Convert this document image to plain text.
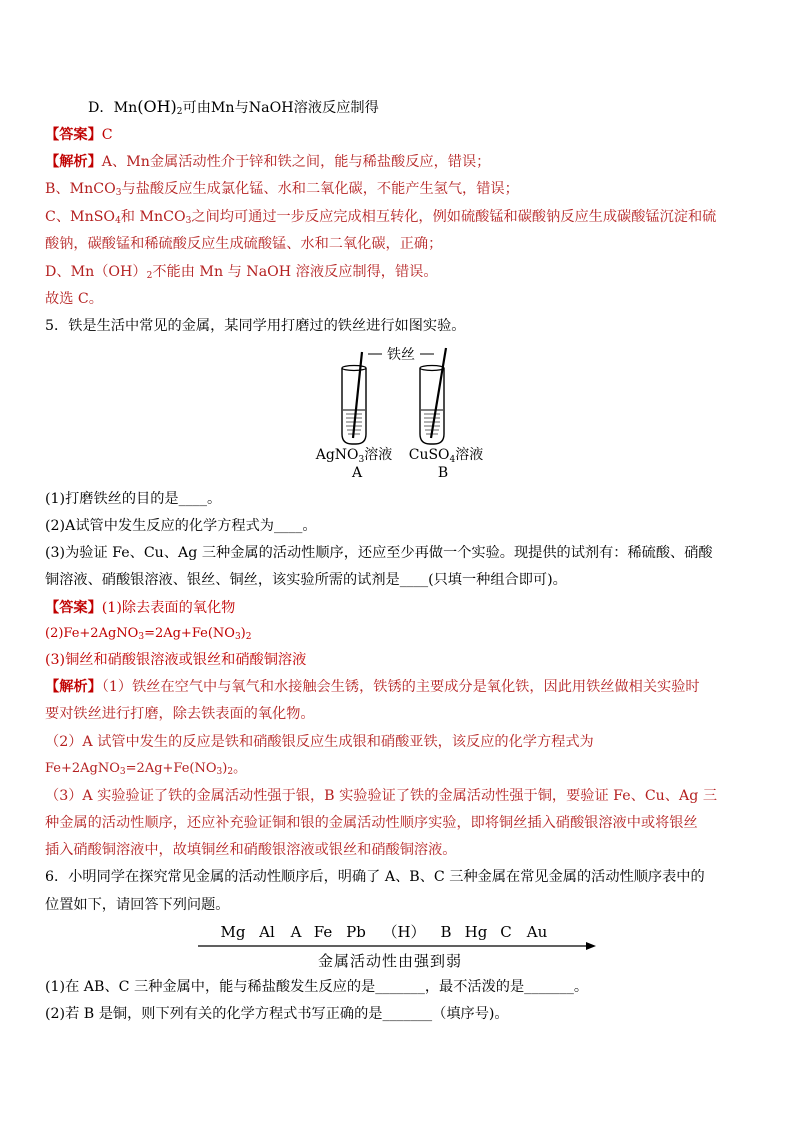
D．$Mn(OH)_2$可由Mn与NaOH溶液反应制得
【答案】C
【解析】A、Mn金属活动性介于锌和铁之间，能与稀盐酸反应，错误；
B、MnCO$_3$与盐酸反应生成氯化锰、水和二氧化碳，不能产生氢气，错误；
C、MnSO$_4$和 MnCO$_3$之间均可通过一步反应完成相互转化，例如硫酸锰和碳酸钠反应生成碳酸锰沉淀和硫
酸钠，碳酸锰和稀硫酸反应生成硫酸锰、水和二氧化碳，正确；
D、$Mn(OH)_2$不能由 Mn 与 NaOH 溶液反应制得，错误。
故选 C。
5．铁是生活中常见的金属，某同学用打磨过的铁丝进行如图实验。
铁丝
AgNO$_3$溶液
A
CuSO$_4$溶液
B
(1)打磨铁丝的目的是____。
(2)A试管中发生反应的化学方程式为____。
(3)为验证 Fe、Cu、Ag 三种金属的活动性顺序，还应至少再做一个实验。现提供的试剂有：稀硫酸、硝酸
铜溶液、硝酸银溶液、银丝、铜丝，该实验所需的试剂是____(只填一种组合即可)。
【答案】(1)除去表面的氧化物
$(2)Fe+2AgNO_3=2Ag+Fe(NO_3)_2$
(3)铜丝和硝酸银溶液或银丝和硝酸铜溶液
【解析】（1）铁丝在空气中与氧气和水接触会生锈，铁锈的主要成分是氧化铁，因此用铁丝做相关实验时
要对铁丝进行打磨，除去铁表面的氧化物。
（2）A 试管中发生的反应是铁和硝酸银反应生成银和硝酸亚铁，该反应的化学方程式为
$Fe+2AgNO_3=2Ag+Fe(NO_3)_2$。
（3）A 实验验证了铁的金属活动性强于银，B 实验验证了铁的金属活动性强于铜，要验证 Fe、Cu、Ag 三
种金属的活动性顺序，还应补充验证铜和银的金属活动性顺序实验，即将铜丝插入硝酸银溶液中或将银丝
插入硝酸铜溶液中，故填铜丝和硝酸银溶液或银丝和硝酸铜溶液。
6．小明同学在探究常见金属的活动性顺序后，明确了 A、B、C 三种金属在常见金属的活动性顺序表中的
位置如下，请回答下列问题。
Mg Al A Fe Pb （H） B Hg C Au
金属活动性由强到弱
(1)在 AB、C 三种金属中，能与稀盐酸发生反应的是_______，最不活泼的是_______。
(2)若 B 是铜，则下列有关的化学方程式书写正确的是_______（填序号)。
